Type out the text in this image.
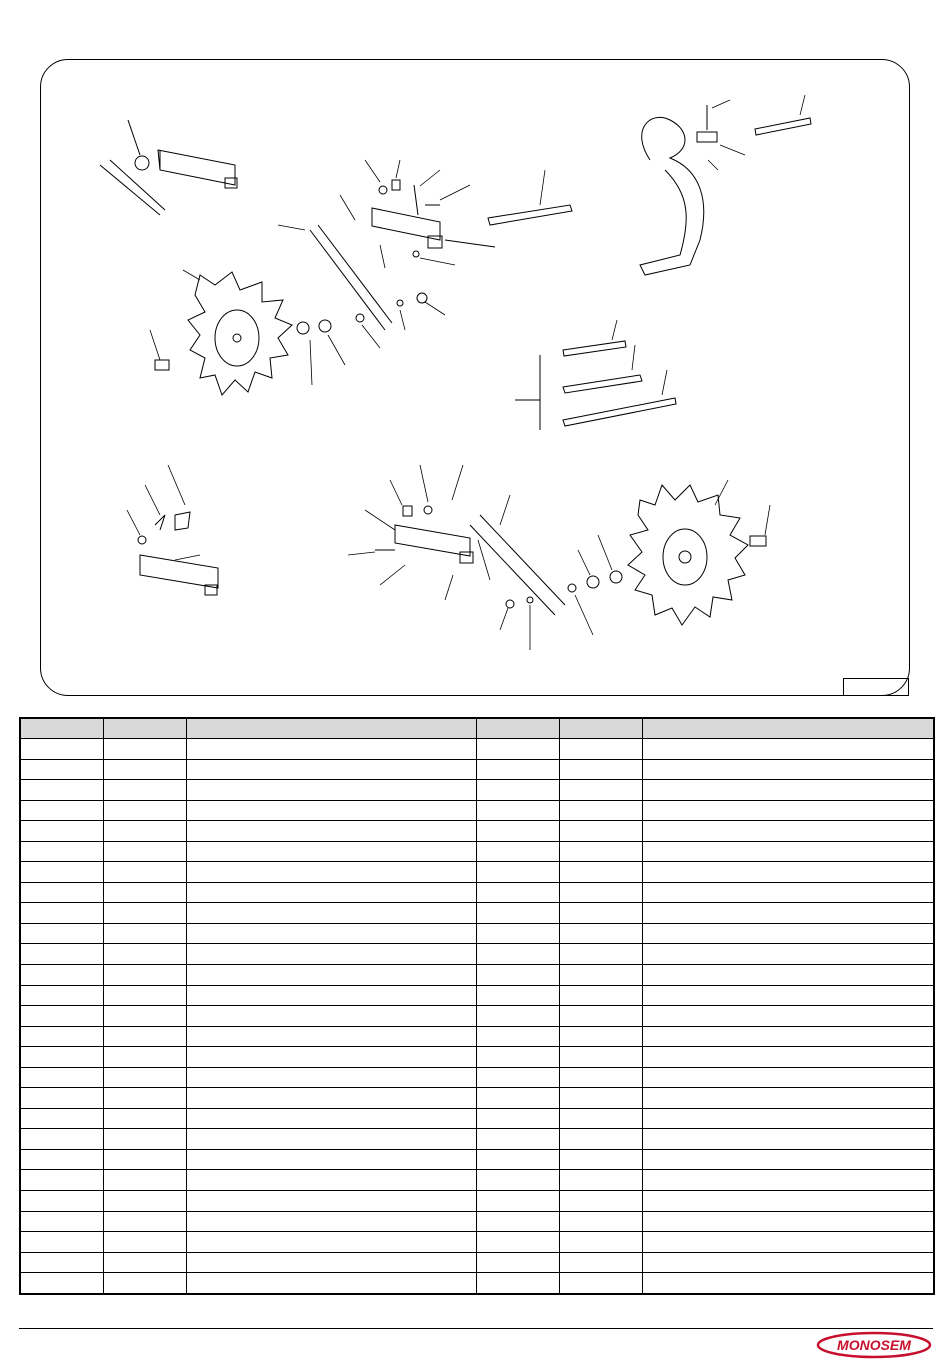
MONOSEM
